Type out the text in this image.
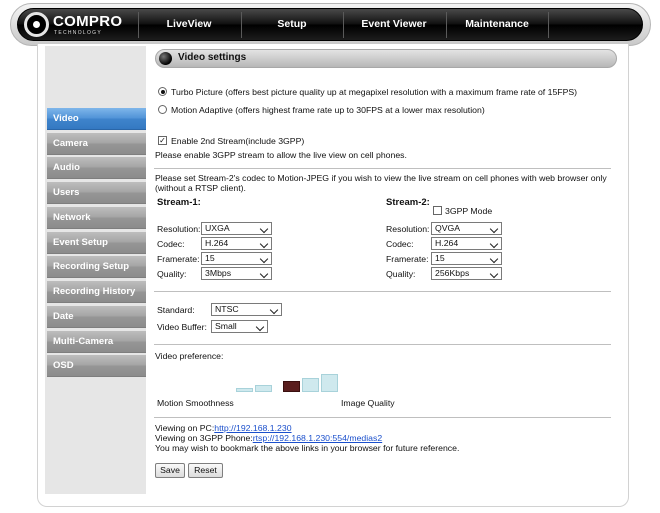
COMPRO
TECHNOLOGY
LiveView	Setup	Event Viewer	Maintenance
Video
Camera
Audio
Users
Network
Event Setup
Recording Setup
Recording History
Date
Multi-Camera
OSD
Video settings
Turbo Picture (offers best picture quality up at megapixel resolution with a maximum frame rate of 15FPS)
Motion Adaptive (offers highest frame rate up to 30FPS at a lower max resolution)
✓ Enable 2nd Stream(include 3GPP)
Please enable 3GPP stream to allow the live view on cell phones.
Please set Stream-2's codec to Motion-JPEG if you wish to view the live stream on cell phones with web browser only
(without a RTSP client).
Stream-1:
Resolution: UXGA
Codec:	H.264
Framerate: 15
Quality:	3Mbps
Stream-2:
3GPP Mode
Resolution: QVGA
Codec:	H.264
Framerate: 15
Quality:	256Kbps
Standard:	NTSC
Video Buffer: Small
Video preference:
Motion Smoothness	Image Quality
Viewing on PC:http://192.168.1.230
Viewing on 3GPP Phone:rtsp://192.168.1.230:554/medias2
You may wish to bookmark the above links in your browser for future reference.
Save	Reset
